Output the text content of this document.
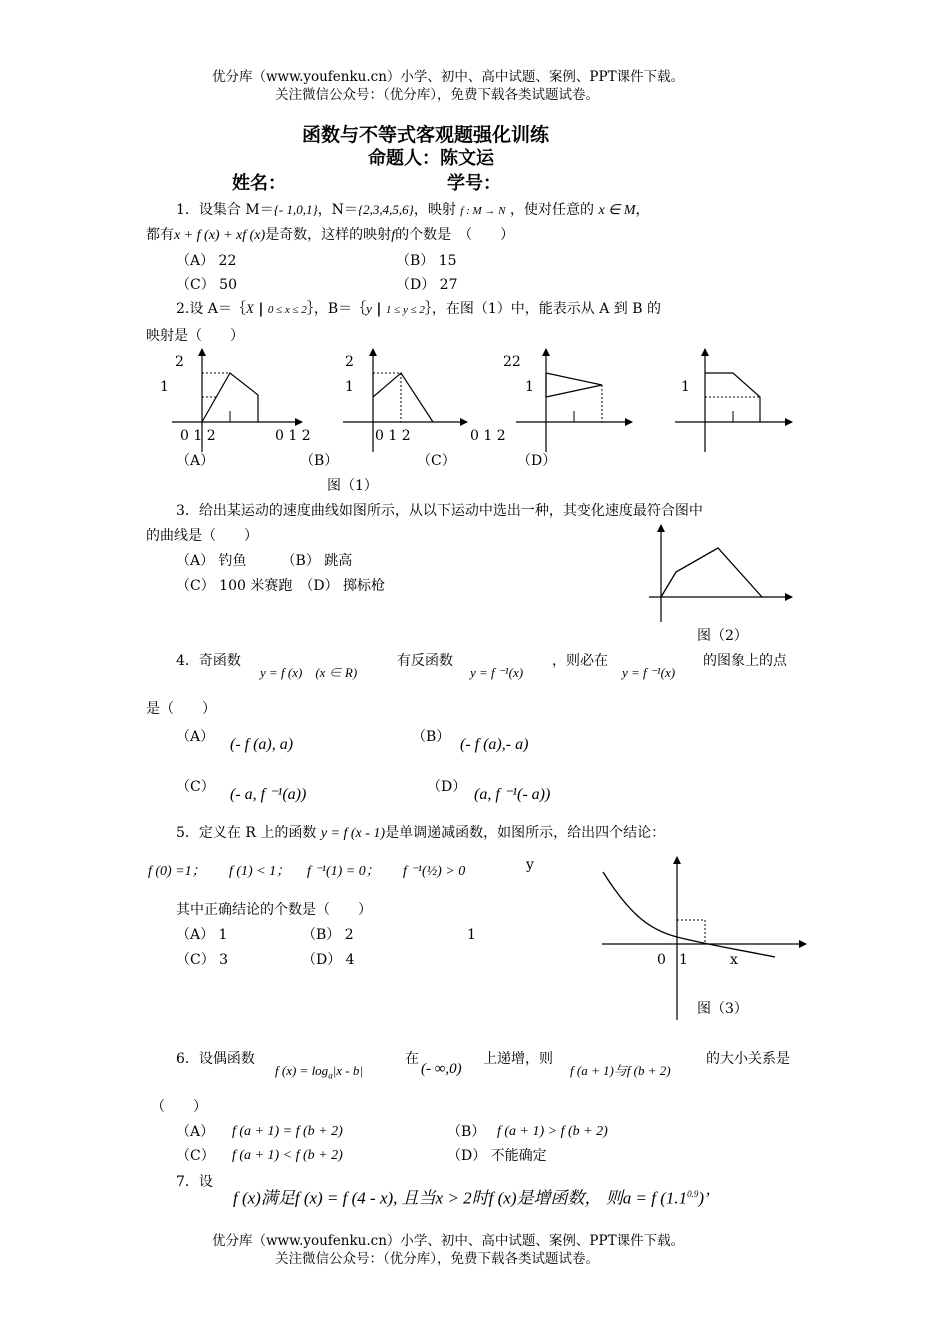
优分库（www.youfenku.cn）小学、初中、高中试题、案例、PPT课件下载。
关注微信公众号：（优分库），免费下载各类试题试卷。
函数与不等式客观题强化训练
命题人：陈文运
姓名：	学号：
1．设集合 M＝{- 1,0,1}，N＝{2,3,4,5,6}，映射 f : M → N ，使对任意的 x ∈ M，
都有x + f (x) + xf (x)是奇数，这样的映射f的个数是　（　　）
（A） 22	（B） 15
（C） 50	（D） 27
2.设 A＝｛X | 0 ≤ x ≤ 2｝，B＝｛y | 1 ≤ y ≤ 2｝，在图（1）中，能表示从 A 到 B 的
映射是（　　）
2
1
0 1 2
2
1
0 1 2
22
1
0 1 2
1
0 1 2
（A）	（B）	（C）	（D）
图（1）
3．给出某运动的速度曲线如图所示，从以下运动中选出一种，其变化速度最符合图中
的曲线是（　　）
（A） 钓鱼　　　（B） 跳高
（C） 100 米赛跑　（D） 掷标枪
图（2）
4．奇函数
y = f (x)　(x ∈ R)
有反函数
y = f ⁻¹(x)
，则必在
y = f ⁻¹(x)
的图象上的点
是（　　）
（A） (- f (a), a)	（B） (- f (a),- a)
（C） (- a, f ⁻¹(a))	（D） (a, f ⁻¹(- a))
5．定义在 R 上的函数 y = f (x - 1)是单调递减函数，如图所示，给出四个结论：
f (0) =1； f (1) < 1； f ⁻¹(1) = 0； f ⁻¹(½) > 0	y
其中正确结论的个数是（　　）
（A） 1	（B） 2	1
（C） 3	（D） 4	0 1	x
图（3）
6．设偶函数
f $(x) = \log_a|x - b|$
在
(- ∞,0)
上递增，则
f (a + 1)与f (b + 2)
的大小关系是
（　　）
（A） f (a + 1) = f (b + 2)	（B） f (a + 1) > f (b + 2)
（C） f (a + 1) < f (b + 2)	（D） 不能确定
7．设
f (x)满足f (x) = f (4 - x), 且当x > 2时f (x)是增函数， 则a = f $(1.1^{0.9})$’
优分库（www.youfenku.cn）小学、初中、高中试题、案例、PPT课件下载。
关注微信公众号：（优分库），免费下载各类试题试卷。
